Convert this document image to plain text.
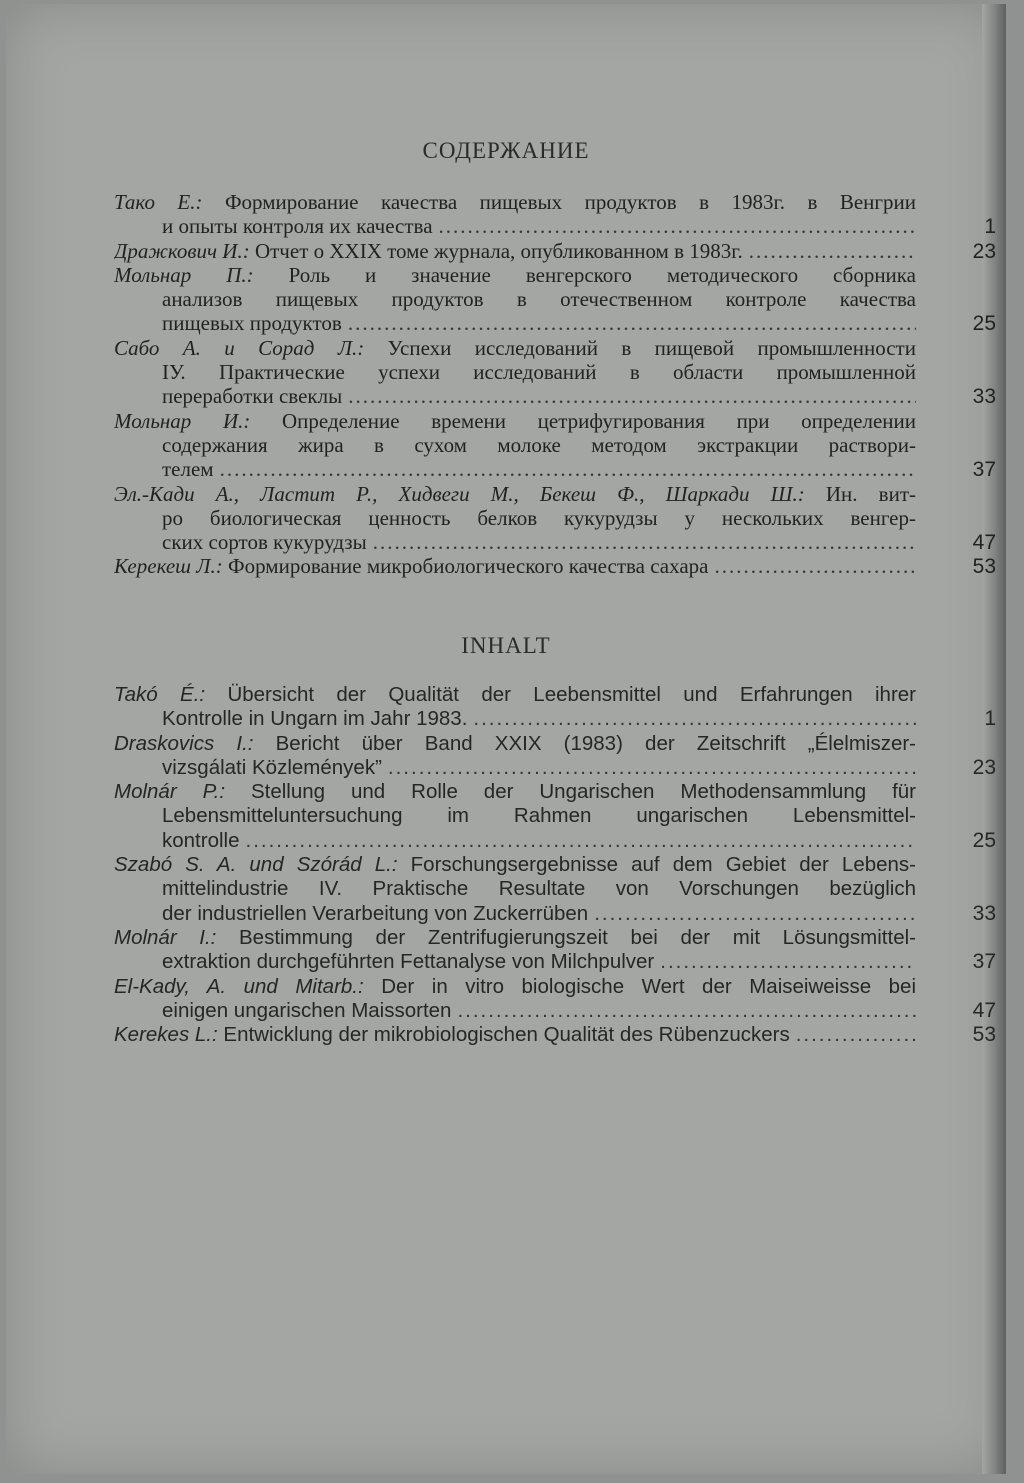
СОДЕРЖАНИЕ
Тако Е.: Формирование качества пищевых продуктов в 1983г. в Венгрии
и опыты контроля их качества .....	1
Дражкович И.: Отчет о XXIX томе журнала, опубликованном в 1983г. .....	23
Мольнар П.: Роль и значение венгерского методического сборника
анализов пищевых продуктов в отечественном контроле качества
пищевых продуктов .....	25
Сабо А. и Сорад Л.: Успехи исследований в пищевой промышленности
IУ. Практические успехи исследований в области промышленной
переработки свеклы .....	33
Мольнар И.: Определение времени цетрифугирования при определении
содержания жира в сухом молоке методом экстракции раствори-
телем .....	37
Эл.-Кади А., Ластит Р., Хидвеги М., Бекеш Ф., Шаркади Ш.: Ин. вит-
ро биологическая ценность белков кукурудзы у нескольких венгер-
ских сортов кукурудзы .....	47
Керекеш Л.: Формирование микробиологического качества сахара .....	53
INHALT
Takó É.: Übersicht der Qualität der Leebensmittel und Erfahrungen ihrer
Kontrolle in Ungarn im Jahr 1983. .....	1
Draskovics I.: Bericht über Band XXIX (1983) der Zeitschrift „Élelmiszer-
vizsgálati Közlemények” .....	23
Molnár P.: Stellung und Rolle der Ungarischen Methodensammlung für
Lebensmitteluntersuchung im Rahmen ungarischen Lebensmittel-
kontrolle .....	25
Szabó S. A. und Szórád L.: Forschungsergebnisse auf dem Gebiet der Lebens-
mittelindustrie IV. Praktische Resultate von Vorschungen bezüglich
der industriellen Verarbeitung von Zuckerrüben .....	33
Molnár I.: Bestimmung der Zentrifugierungszeit bei der mit Lösungsmittel-
extraktion durchgeführten Fettanalyse von Milchpulver .....	37
El-Kady, A. und Mitarb.: Der in vitro biologische Wert der Maiseiweisse bei
einigen ungarischen Maissorten .....	47
Kerekes L.: Entwicklung der mikrobiologischen Qualität des Rübenzuckers .....	53
